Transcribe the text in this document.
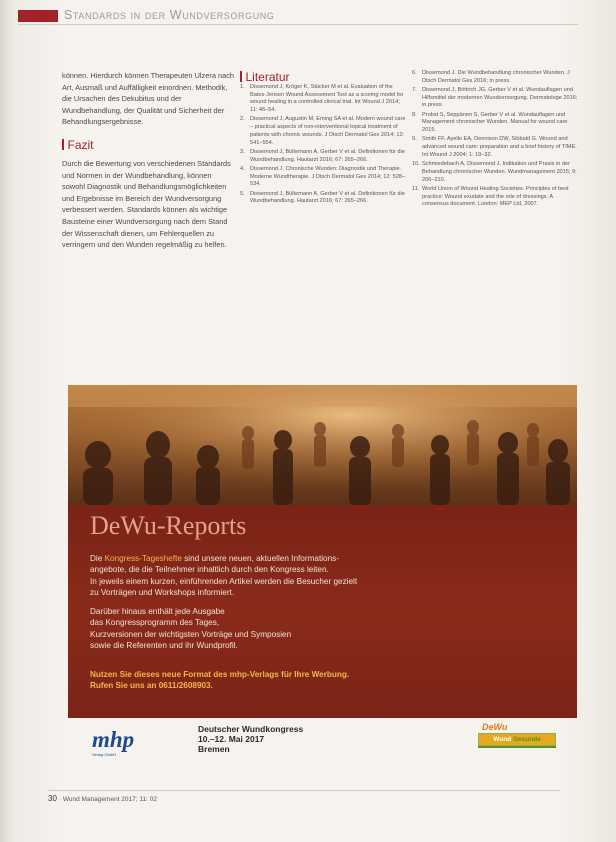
Standards in der Wundversorgung

können. Hierdurch können Therapeuten Ulzera nach Art, Ausmaß und Auffälligkeit einordnen. Methodik, die Ursachen des Dekubitus und der Wundbehandlung, der Qualität und Sicherheit der Behandlungsergebnisse.

Fazit

Durch die Bewertung von verschiedenen Standards und Normen in der Wundbehandlung, können sowohl Diagnostik und Behandlungsmöglichkeiten und Ergebnisse im Bereich der Wundversorgung verbessert werden. Standards können als wichtige Bausteine einer Wundversorgung nach dem Stand der Wissenschaft dienen, um Fehlerquellen zu verringern und den Wunden regelmäßig zu helfen.

Literatur
1. Dissemond J, Kröger K, Stücker M et al. Evaluation of the Bates-Jensen Wound Assessment Tool as a scoring model for wound healing in a controlled clinical trial. Int Wound J 2014; 11: 46–54.
2. Dissemond J, Augustin M, Eming SA et al. Modern wound care – practical aspects of non-interventional topical treatment of patients with chronic wounds. J Dtsch Dermatol Ges 2014; 12: 541–554.
3. Dissemond J, Bültemann A, Gerber V et al. Definitionen für die Wundbehandlung. Hautarzt 2016; 67: 265–266.
4. Dissemond J. Chronische Wunden: Diagnostik und Therapie. Moderne Wundtherapie. J Dtsch Dermatol Ges 2014; 12: 528–534.
5. Dissemond J, Bültemann A, Gerber V et al. Definitionen für die Wundbehandlung. Hautarzt 2016; 67: 265–266.
6. Dissemond J. Die Wundbehandlung chronischer Wunden. J Dtsch Dermatol Ges 2016; in press.
7. Dissemond J, Böttrich JG, Gerber V et al. Wundauflagen und Hilfsmittel der modernen Wundversorgung. Dermatologe 2016; in press.
8. Probst S, Seppänen S, Gerber V et al. Wundauflagen und Management chronischer Wunden. Manual for wound care 2015.
9. Smith FF, Ayello EA, Dennison DW, Sibbald G. Wound and advanced wound care: preparation and a brief history of TIME. Int Wound J 2004; 1: 19–32.
10. Schmiedebach A, Dissemond J. Indikation und Praxis in der Behandlung chronischer Wunden. Wundmanagement 2015; 9: 206–210.
11. World Union of Wound Healing Societies. Principles of best practice: Wound exudate and the role of dressings. A consensus document. London: MEP Ltd, 2007.
DeWu-Reports
Die Kongress-Tageshefte sind unsere neuen, aktuellen Informations-
angebote, die die Teilnehmer inhaltlich durch den Kongress leiten.
In jeweils einem kurzen, einführenden Artikel werden die Besucher gezielt
zu Vorträgen und Workshops informiert.
Darüber hinaus enthält jede Ausgabe
das Kongressprogramm des Tages,
Kurzversionen der wichtigsten Vorträge und Symposien
sowie die Referenten und ihr Wundprofil.
Nutzen Sie dieses neue Format des mhp-Verlags für Ihre Werbung.
Rufen Sie uns an 0611/2608903.
mhp
Verlag GmbH
Deutscher Wundkongress
10.–12. Mai 2017
Bremen
DeWu
Wund Gesunde
30 · Wund Management 2017; 11: 02
